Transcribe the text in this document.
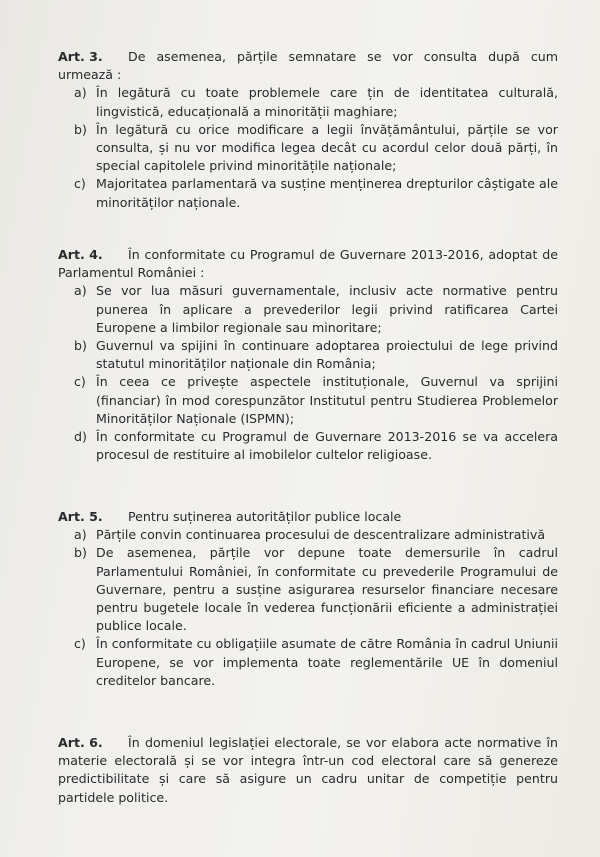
Art. 3. De asemenea, părțile semnatare se vor consulta după cum urmează :
a) În legătură cu toate problemele care țin de identitatea culturală, lingvistică, educațională a minorității maghiare;
b) În legătură cu orice modificare a legii învățământului, părțile se vor consulta, și nu vor modifica legea decât cu acordul celor două părți, în special capitolele privind minoritățile naționale;
c) Majoritatea parlamentară va susține menținerea drepturilor câștigate ale minorităților naționale.
Art. 4. În conformitate cu Programul de Guvernare 2013-2016, adoptat de Parlamentul României :
a) Se vor lua măsuri guvernamentale, inclusiv acte normative pentru punerea în aplicare a prevederilor legii privind ratificarea Cartei Europene a limbilor regionale sau minoritare;
b) Guvernul va spijini în continuare adoptarea proiectului de lege privind statutul minorităților naționale din România;
c) În ceea ce privește aspectele instituționale, Guvernul va sprijini (financiar) în mod corespunzător Institutul pentru Studierea Problemelor Minorităților Naționale (ISPMN);
d) În conformitate cu Programul de Guvernare 2013-2016 se va accelera procesul de restituire al imobilelor cultelor religioase.
Art. 5. Pentru suținerea autorităților publice locale
a) Părțile convin continuarea procesului de descentralizare administrativă
b) De asemenea, părțile vor depune toate demersurile în cadrul Parlamentului României, în conformitate cu prevederile Programului de Guvernare, pentru a susține asigurarea resurselor financiare necesare pentru bugetele locale în vederea funcționării eficiente a administrației publice locale.
c) În conformitate cu obligațiile asumate de către România în cadrul Uniunii Europene, se vor implementa toate reglementările UE în domeniul creditelor bancare.
Art. 6. În domeniul legislației electorale, se vor elabora acte normative în materie electorală și se vor integra într-un cod electoral care să genereze predictibilitate și care să asigure un cadru unitar de competiție pentru partidele politice.
